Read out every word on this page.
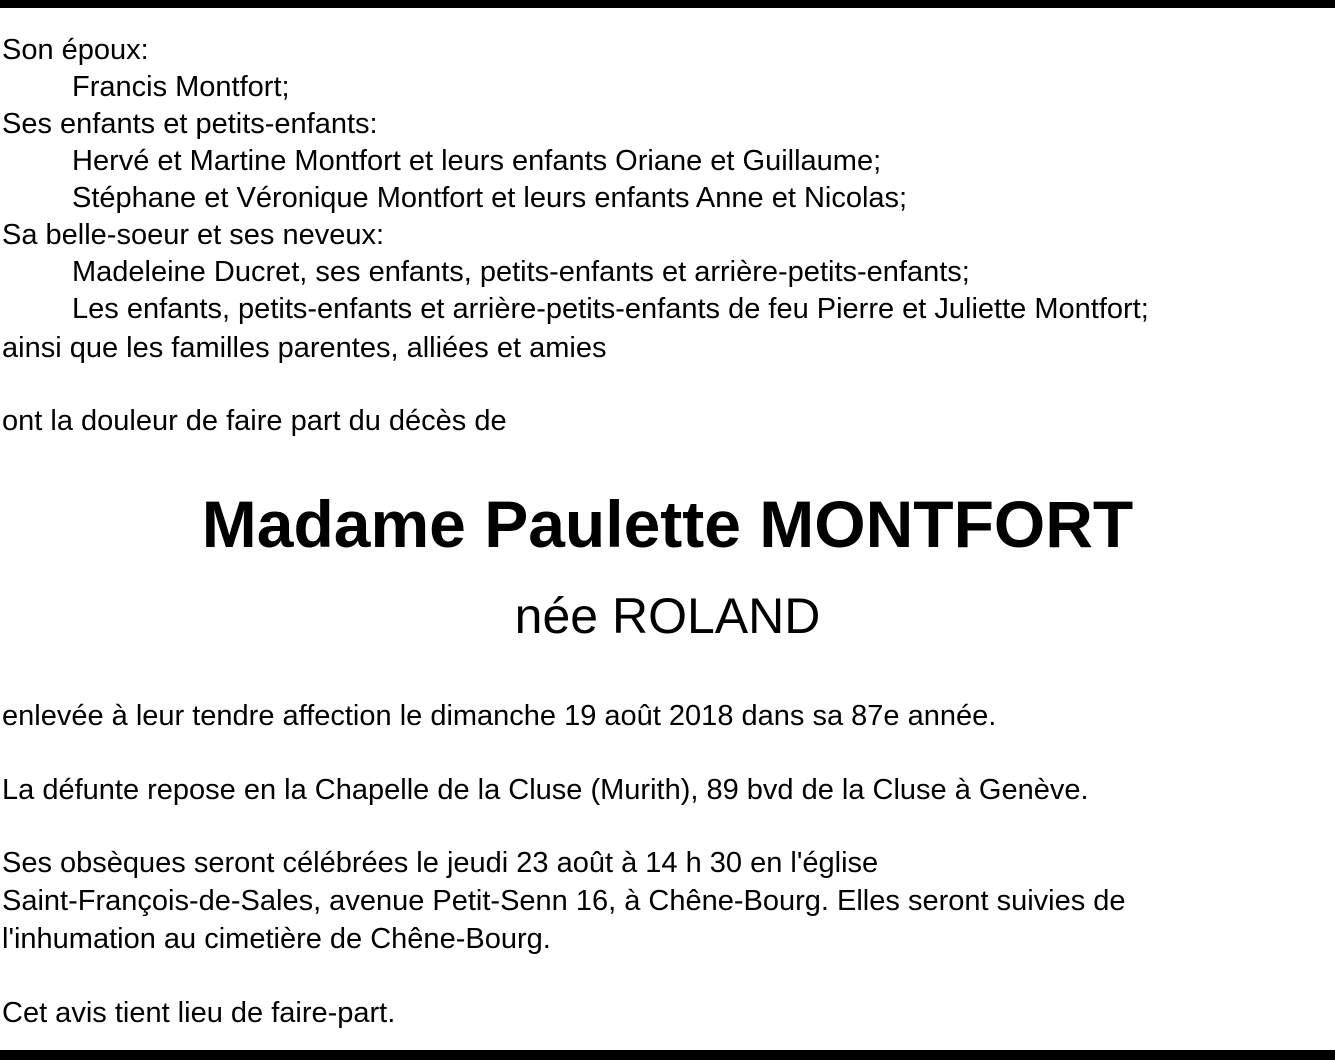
Son époux:
Francis Montfort;
Ses enfants et petits-enfants:
Hervé et Martine Montfort et leurs enfants Oriane et Guillaume;
Stéphane et Véronique Montfort et leurs enfants Anne et Nicolas;
Sa belle-soeur et ses neveux:
Madeleine Ducret, ses enfants, petits-enfants et arrière-petits-enfants;
Les enfants, petits-enfants et arrière-petits-enfants de feu Pierre et Juliette Montfort;
ainsi que les familles parentes, alliées et amies
ont la douleur de faire part du décès de
Madame Paulette MONTFORT
née ROLAND
enlevée à leur tendre affection le dimanche 19 août 2018 dans sa 87e année.
La défunte repose en la Chapelle de la Cluse (Murith), 89 bvd de la Cluse à Genève.
Ses obsèques seront célébrées le jeudi 23 août à 14 h 30 en l'église
Saint-François-de-Sales, avenue Petit-Senn 16, à Chêne-Bourg. Elles seront suivies de
l'inhumation au cimetière de Chêne-Bourg.
Cet avis tient lieu de faire-part.
